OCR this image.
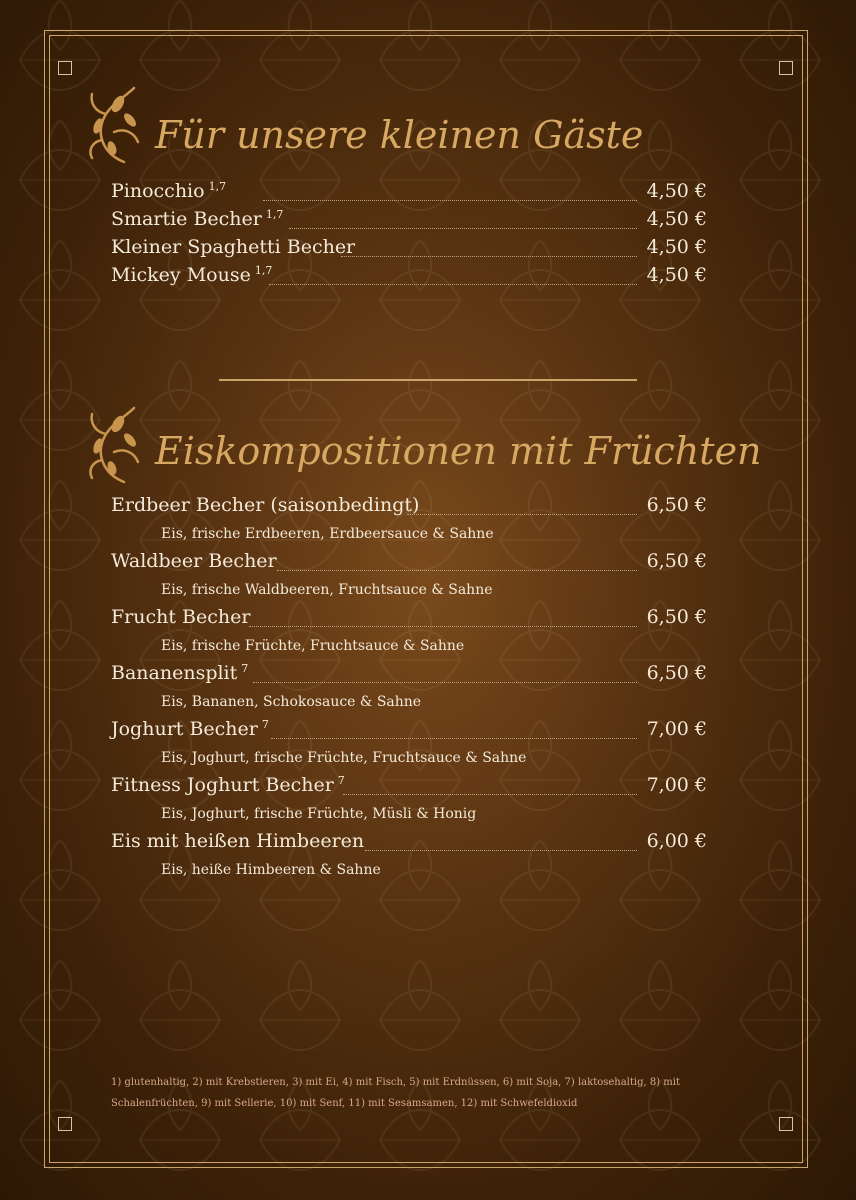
Für unsere kleinen Gäste
Pinocchio $^{1,7}$	4,50 €
Smartie Becher $^{1,7}$	4,50 €
Kleiner Spaghetti Becher	4,50 €
Mickey Mouse $^{1,7}$	4,50 €
Eiskompositionen mit Früchten
Erdbeer Becher (saisonbedingt)	6,50 €
Eis, frische Erdbeeren, Erdbeersauce & Sahne
Waldbeer Becher	6,50 €
Eis, frische Waldbeeren, Fruchtsauce & Sahne
Frucht Becher	6,50 €
Eis, frische Früchte, Fruchtsauce & Sahne
Bananensplit $^7$	6,50 €
Eis, Bananen, Schokosauce & Sahne
Joghurt Becher $^7$	7,00 €
Eis, Joghurt, frische Früchte, Fruchtsauce & Sahne
Fitness Joghurt Becher $^7$	7,00 €
Eis, Joghurt, frische Früchte, Müsli & Honig
Eis mit heißen Himbeeren	6,00 €
Eis, heiße Himbeeren & Sahne
1) glutenhaltig, 2) mit Krebstieren, 3) mit Ei, 4) mit Fisch, 5) mit Erdnüssen, 6) mit Soja, 7) laktosehaltig, 8) mit Schalenfrüchten, 9) mit Sellerie, 10) mit Senf, 11) mit Sesamsamen, 12) mit Schwefeldioxid
